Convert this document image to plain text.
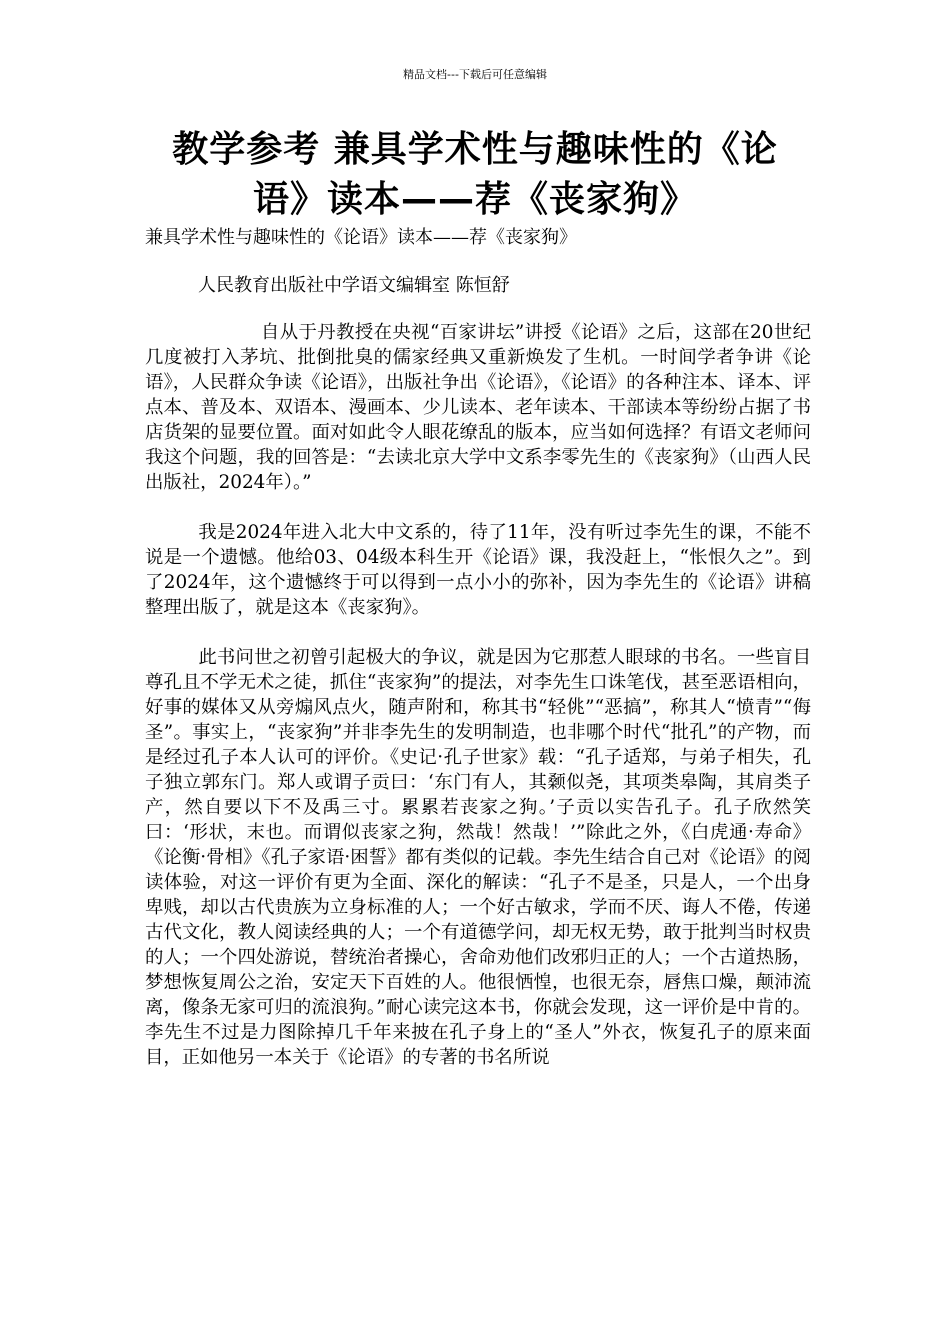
精品文档---下载后可任意编辑
教学参考 兼具学术性与趣味性的《论语》读本——荐《丧家狗》
兼具学术性与趣味性的《论语》读本——荐《丧家狗》
人民教育出版社中学语文编辑室 陈恒舒

自从于丹教授在央视“百家讲坛”讲授《论语》之后，这部在20世纪几度被打入茅坑、批倒批臭的儒家经典又重新焕发了生机。一时间学者争讲《论语》，人民群众争读《论语》，出版社争出《论语》，《论语》的各种注本、译本、评点本、普及本、双语本、漫画本、少儿读本、老年读本、干部读本等纷纷占据了书店货架的显要位置。面对如此令人眼花缭乱的版本，应当如何选择？有语文老师问我这个问题，我的回答是：“去读北京大学中文系李零先生的《丧家狗》（山西人民出版社，2024年）。”

我是2024年进入北大中文系的，待了11年，没有听过李先生的课，不能不说是一个遗憾。他给03、04级本科生开《论语》课，我没赶上，“怅恨久之”。到了2024年，这个遗憾终于可以得到一点小小的弥补，因为李先生的《论语》讲稿整理出版了，就是这本《丧家狗》。

此书问世之初曾引起极大的争议，就是因为它那惹人眼球的书名。一些盲目尊孔且不学无术之徒，抓住“丧家狗”的提法，对李先生口诛笔伐，甚至恶语相向，好事的媒体又从旁煽风点火，随声附和，称其书“轻佻”“恶搞”，称其人“愤青”“侮圣”。事实上，“丧家狗”并非李先生的发明制造，也非哪个时代“批孔”的产物，而是经过孔子本人认可的评价。《史记·孔子世家》载：“孔子适郑，与弟子相失，孔子独立郭东门。郑人或谓子贡曰：‘东门有人，其颡似尧，其项类皋陶，其肩类子产，然自要以下不及禹三寸。累累若丧家之狗。’子贡以实告孔子。孔子欣然笑曰：‘形状，末也。而谓似丧家之狗，然哉！然哉！’”除此之外，《白虎通·寿命》《论衡·骨相》《孔子家语·困誓》都有类似的记载。李先生结合自己对《论语》的阅读体验，对这一评价有更为全面、深化的解读：“孔子不是圣，只是人，一个出身卑贱，却以古代贵族为立身标准的人；一个好古敏求，学而不厌、诲人不倦，传递古代文化，教人阅读经典的人；一个有道德学问，却无权无势，敢于批判当时权贵的人；一个四处游说，替统治者操心，舍命劝他们改邪归正的人；一个古道热肠，梦想恢复周公之治，安定天下百姓的人。他很恓惶，也很无奈，唇焦口燥，颠沛流离，像条无家可归的流浪狗。”耐心读完这本书，你就会发现，这一评价是中肯的。李先生不过是力图除掉几千年来披在孔子身上的“圣人”外衣，恢复孔子的原来面目，正如他另一本关于《论语》的专著的书名所说
